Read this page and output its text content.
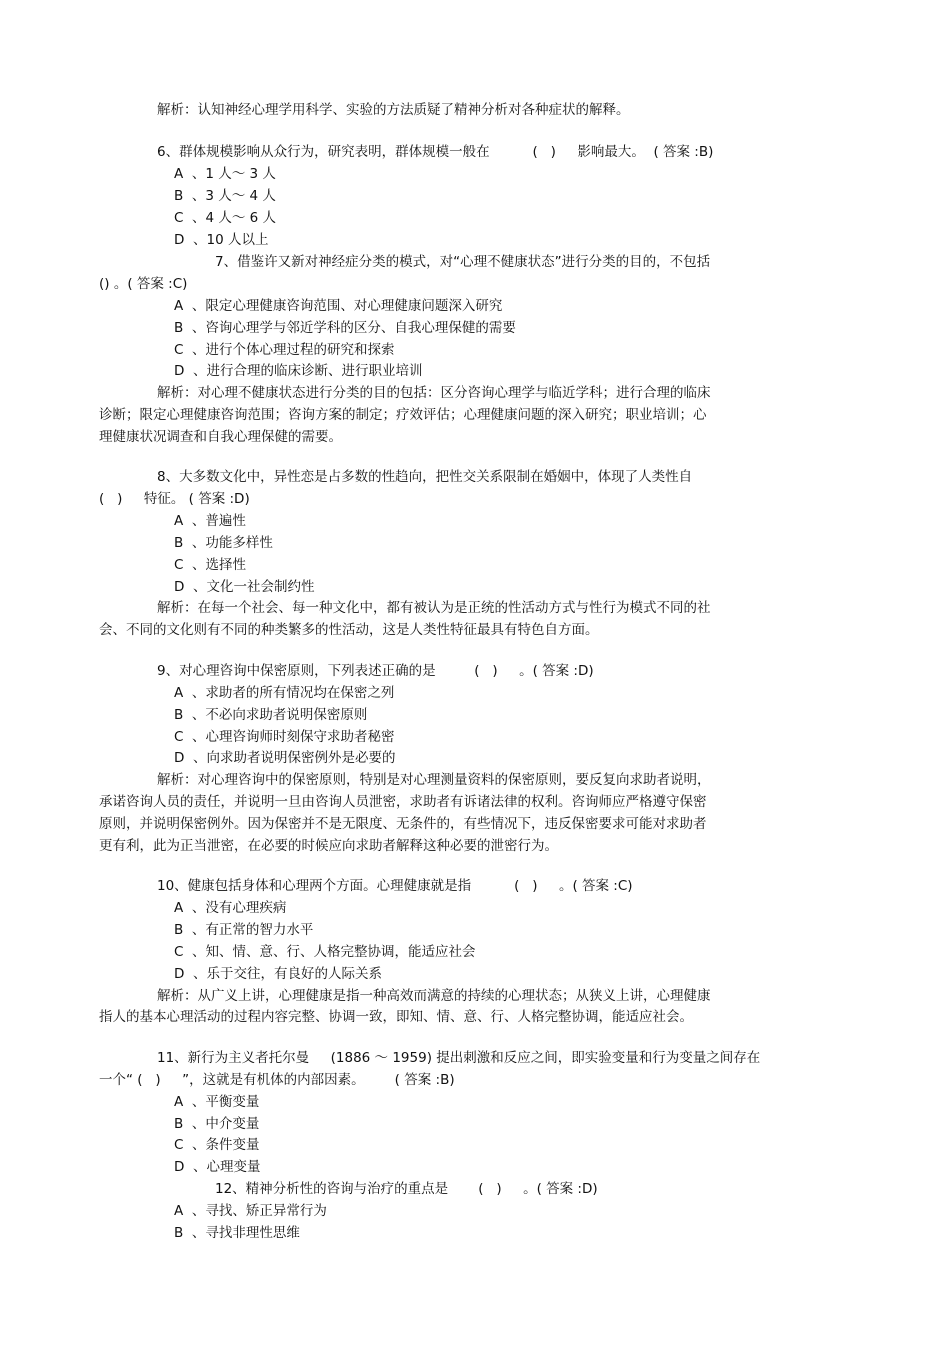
解析：认知神经心理学用科学、实验的方法质疑了精神分析对各种症状的解释。
6、群体规模影响从众行为，研究表明，群体规模一般在          (   )     影响最大。  ( 答案 :B)
A  、1 人～ 3 人
B  、3 人～ 4 人
C  、4 人～ 6 人
D  、10 人以上
7、借鉴许又新对神经症分类的模式，对“心理不健康状态”进行分类的目的，不包括
() 。( 答案 :C)
A  、限定心理健康咨询范围、对心理健康问题深入研究
B  、咨询心理学与邻近学科的区分、自我心理保健的需要
C  、进行个体心理过程的研究和探索
D  、进行合理的临床诊断、进行职业培训
解析：对心理不健康状态进行分类的目的包括：区分咨询心理学与临近学科；进行合理的临床
诊断；限定心理健康咨询范围；咨询方案的制定；疗效评估；心理健康问题的深入研究；职业培训；心
理健康状况调查和自我心理保健的需要。
8、大多数文化中，异性恋是占多数的性趋向，把性交关系限制在婚姻中，体现了人类性自
(   )     特征。 ( 答案 :D)
A  、普遍性
B  、功能多样性
C  、选择性
D  、文化一社会制约性
解析：在每一个社会、每一种文化中，都有被认为是正统的性活动方式与性行为模式不同的社
会、不同的文化则有不同的种类繁多的性活动，这是人类性特征最具有特色自方面。
9、对心理咨询中保密原则，下列表述正确的是         (   )     。( 答案 :D)
A  、求助者的所有情况均在保密之列
B  、不必向求助者说明保密原则
C  、心理咨询师时刻保守求助者秘密
D  、向求助者说明保密例外是必要的
解析：对心理咨询中的保密原则，特别是对心理测量资料的保密原则，要反复向求助者说明，
承诺咨询人员的责任，并说明一旦由咨询人员泄密，求助者有诉诸法律的权利。咨询师应严格遵守保密
原则，并说明保密例外。因为保密并不是无限度、无条件的，有些情况下，违反保密要求可能对求助者
更有利，此为正当泄密，在必要的时候应向求助者解释这种必要的泄密行为。
10、健康包括身体和心理两个方面。心理健康就是指          (   )     。( 答案 :C)
A  、没有心理疾病
B  、有正常的智力水平
C  、知、情、意、行、人格完整协调，能适应社会
D  、乐于交往，有良好的人际关系
解析：从广义上讲，心理健康是指一种高效而满意的持续的心理状态；从狭义上讲，心理健康
指人的基本心理活动的过程内容完整、协调一致，即知、情、意、行、人格完整协调，能适应社会。
11、新行为主义者托尔曼     (1886 ～ 1959) 提出刺激和反应之间，即实验变量和行为变量之间存在
一个“ (   )     ”，这就是有机体的内部因素。       ( 答案 :B)
A  、平衡变量
B  、中介变量
C  、条件变量
D  、心理变量
12、精神分析性的咨询与治疗的重点是       (   )     。( 答案 :D)
A  、寻找、矫正异常行为
B  、寻找非理性思维
